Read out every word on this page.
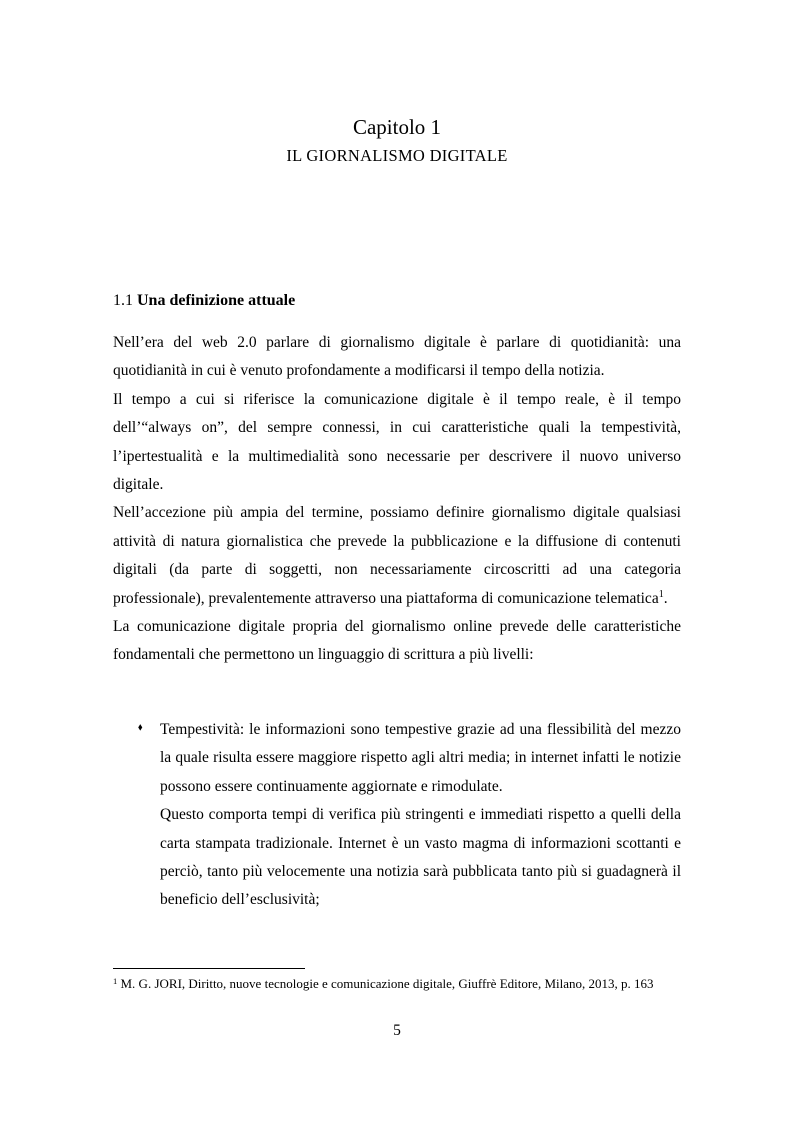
Capitolo 1
IL GIORNALISMO DIGITALE
1.1 Una definizione attuale

Nell’era del web 2.0 parlare di giornalismo digitale è parlare di quotidianità: una quotidianità in cui è venuto profondamente a modificarsi il tempo della notizia.

Il tempo a cui si riferisce la comunicazione digitale è il tempo reale, è il tempo dell’“always on”, del sempre connessi, in cui caratteristiche quali la tempestività, l’ipertestualità e la multimedialità sono necessarie per descrivere il nuovo universo digitale.

Nell’accezione più ampia del termine, possiamo definire giornalismo digitale qualsiasi attività di natura giornalistica che prevede la pubblicazione e la diffusione di contenuti digitali (da parte di soggetti, non necessariamente circoscritti ad una categoria professionale), prevalentemente attraverso una piattaforma di comunicazione telematica$^1$.

La comunicazione digitale propria del giornalismo online prevede delle caratteristiche fondamentali che permettono un linguaggio di scrittura a più livelli:

⬧ Tempestività: le informazioni sono tempestive grazie ad una flessibilità del mezzo la quale risulta essere maggiore rispetto agli altri media; in internet infatti le notizie possono essere continuamente aggiornate e rimodulate.

Questo comporta tempi di verifica più stringenti e immediati rispetto a quelli della carta stampata tradizionale. Internet è un vasto magma di informazioni scottanti e perciò, tanto più velocemente una notizia sarà pubblicata tanto più si guadagnerà il beneficio dell’esclusività;

$^1$ M. G. JORI, Diritto, nuove tecnologie e comunicazione digitale, Giuffrè Editore, Milano, 2013, p. 163

5
